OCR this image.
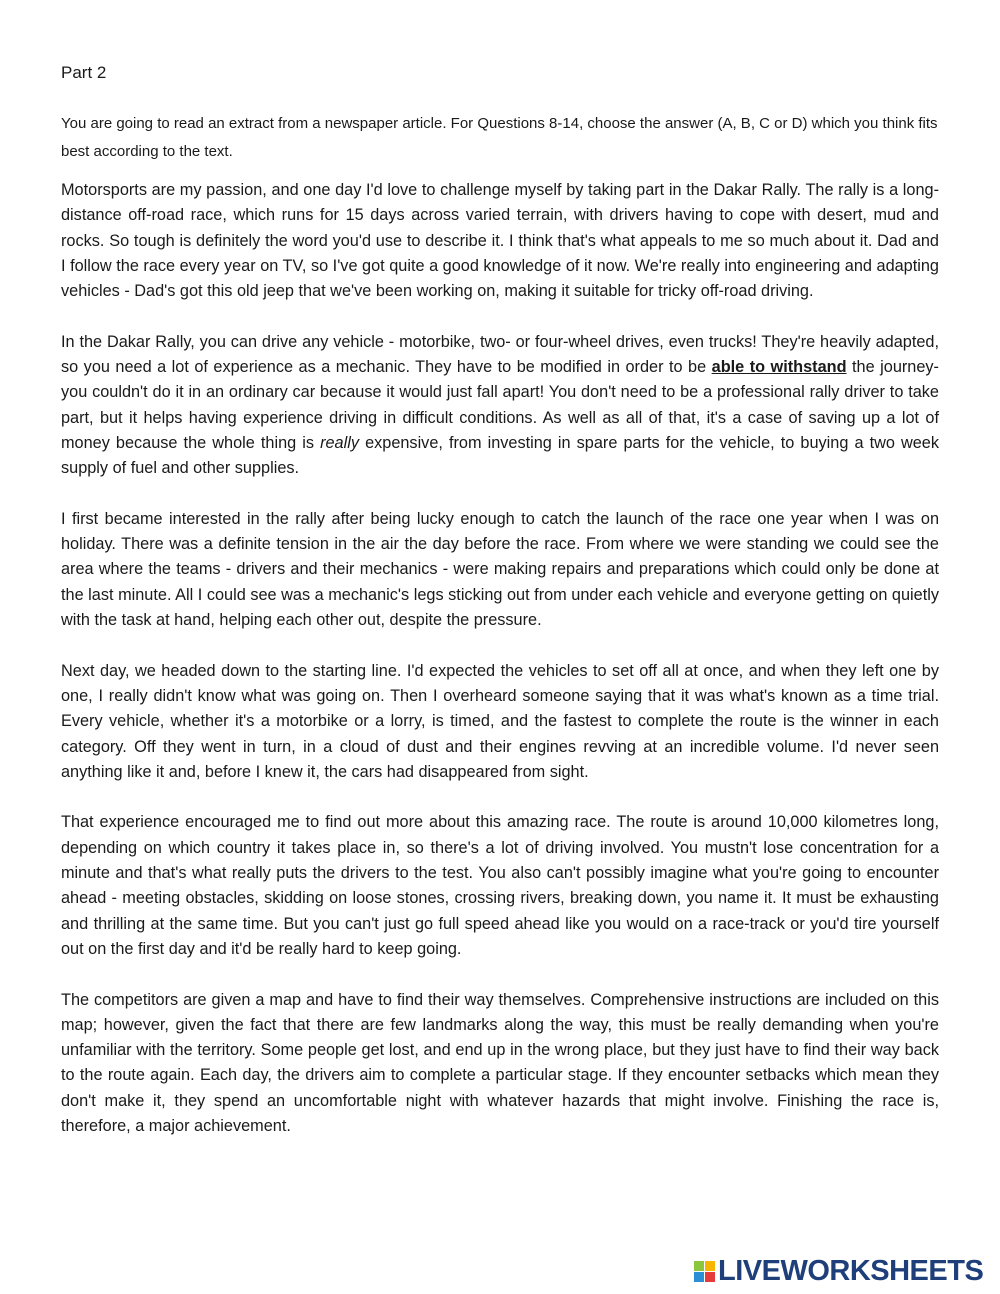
Part 2
You are going to read an extract from a newspaper article. For Questions 8-14, choose the answer (A, B, C or D) which you think fits best according to the text.

Motorsports are my passion, and one day I'd love to challenge myself by taking part in the Dakar Rally. The rally is a long-distance off-road race, which runs for 15 days across varied terrain, with drivers having to cope with desert, mud and rocks. So tough is definitely the word you'd use to describe it. I think that's what appeals to me so much about it. Dad and I follow the race every year on TV, so I've got quite a good knowledge of it now. We're really into engineering and adapting vehicles - Dad's got this old jeep that we've been working on, making it suitable for tricky off-road driving.

In the Dakar Rally, you can drive any vehicle - motorbike, two- or four-wheel drives, even trucks! They're heavily adapted, so you need a lot of experience as a mechanic. They have to be modified in order to be able to withstand the journey- you couldn't do it in an ordinary car because it would just fall apart! You don't need to be a professional rally driver to take part, but it helps having experience driving in difficult conditions. As well as all of that, it's a case of saving up a lot of money because the whole thing is really expensive, from investing in spare parts for the vehicle, to buying a two week supply of fuel and other supplies.

I first became interested in the rally after being lucky enough to catch the launch of the race one year when I was on holiday. There was a definite tension in the air the day before the race. From where we were standing we could see the area where the teams - drivers and their mechanics - were making repairs and preparations which could only be done at the last minute. All I could see was a mechanic's legs sticking out from under each vehicle and everyone getting on quietly with the task at hand, helping each other out, despite the pressure.

Next day, we headed down to the starting line. I'd expected the vehicles to set off all at once, and when they left one by one, I really didn't know what was going on. Then I overheard someone saying that it was what's known as a time trial. Every vehicle, whether it's a motorbike or a lorry, is timed, and the fastest to complete the route is the winner in each category. Off they went in turn, in a cloud of dust and their engines revving at an incredible volume. I'd never seen anything like it and, before I knew it, the cars had disappeared from sight.

That experience encouraged me to find out more about this amazing race. The route is around 10,000 kilometres long, depending on which country it takes place in, so there's a lot of driving involved. You mustn't lose concentration for a minute and that's what really puts the drivers to the test. You also can't possibly imagine what you're going to encounter ahead - meeting obstacles, skidding on loose stones, crossing rivers, breaking down, you name it. It must be exhausting and thrilling at the same time. But you can't just go full speed ahead like you would on a race-track or you'd tire yourself out on the first day and it'd be really hard to keep going.

The competitors are given a map and have to find their way themselves. Comprehensive instructions are included on this map; however, given the fact that there are few landmarks along the way, this must be really demanding when you're unfamiliar with the territory. Some people get lost, and end up in the wrong place, but they just have to find their way back to the route again. Each day, the drivers aim to complete a particular stage. If they encounter setbacks which mean they don't make it, they spend an uncomfortable night with whatever hazards that might involve. Finishing the race is, therefore, a major achievement.

LIVEWORKSHEETS
